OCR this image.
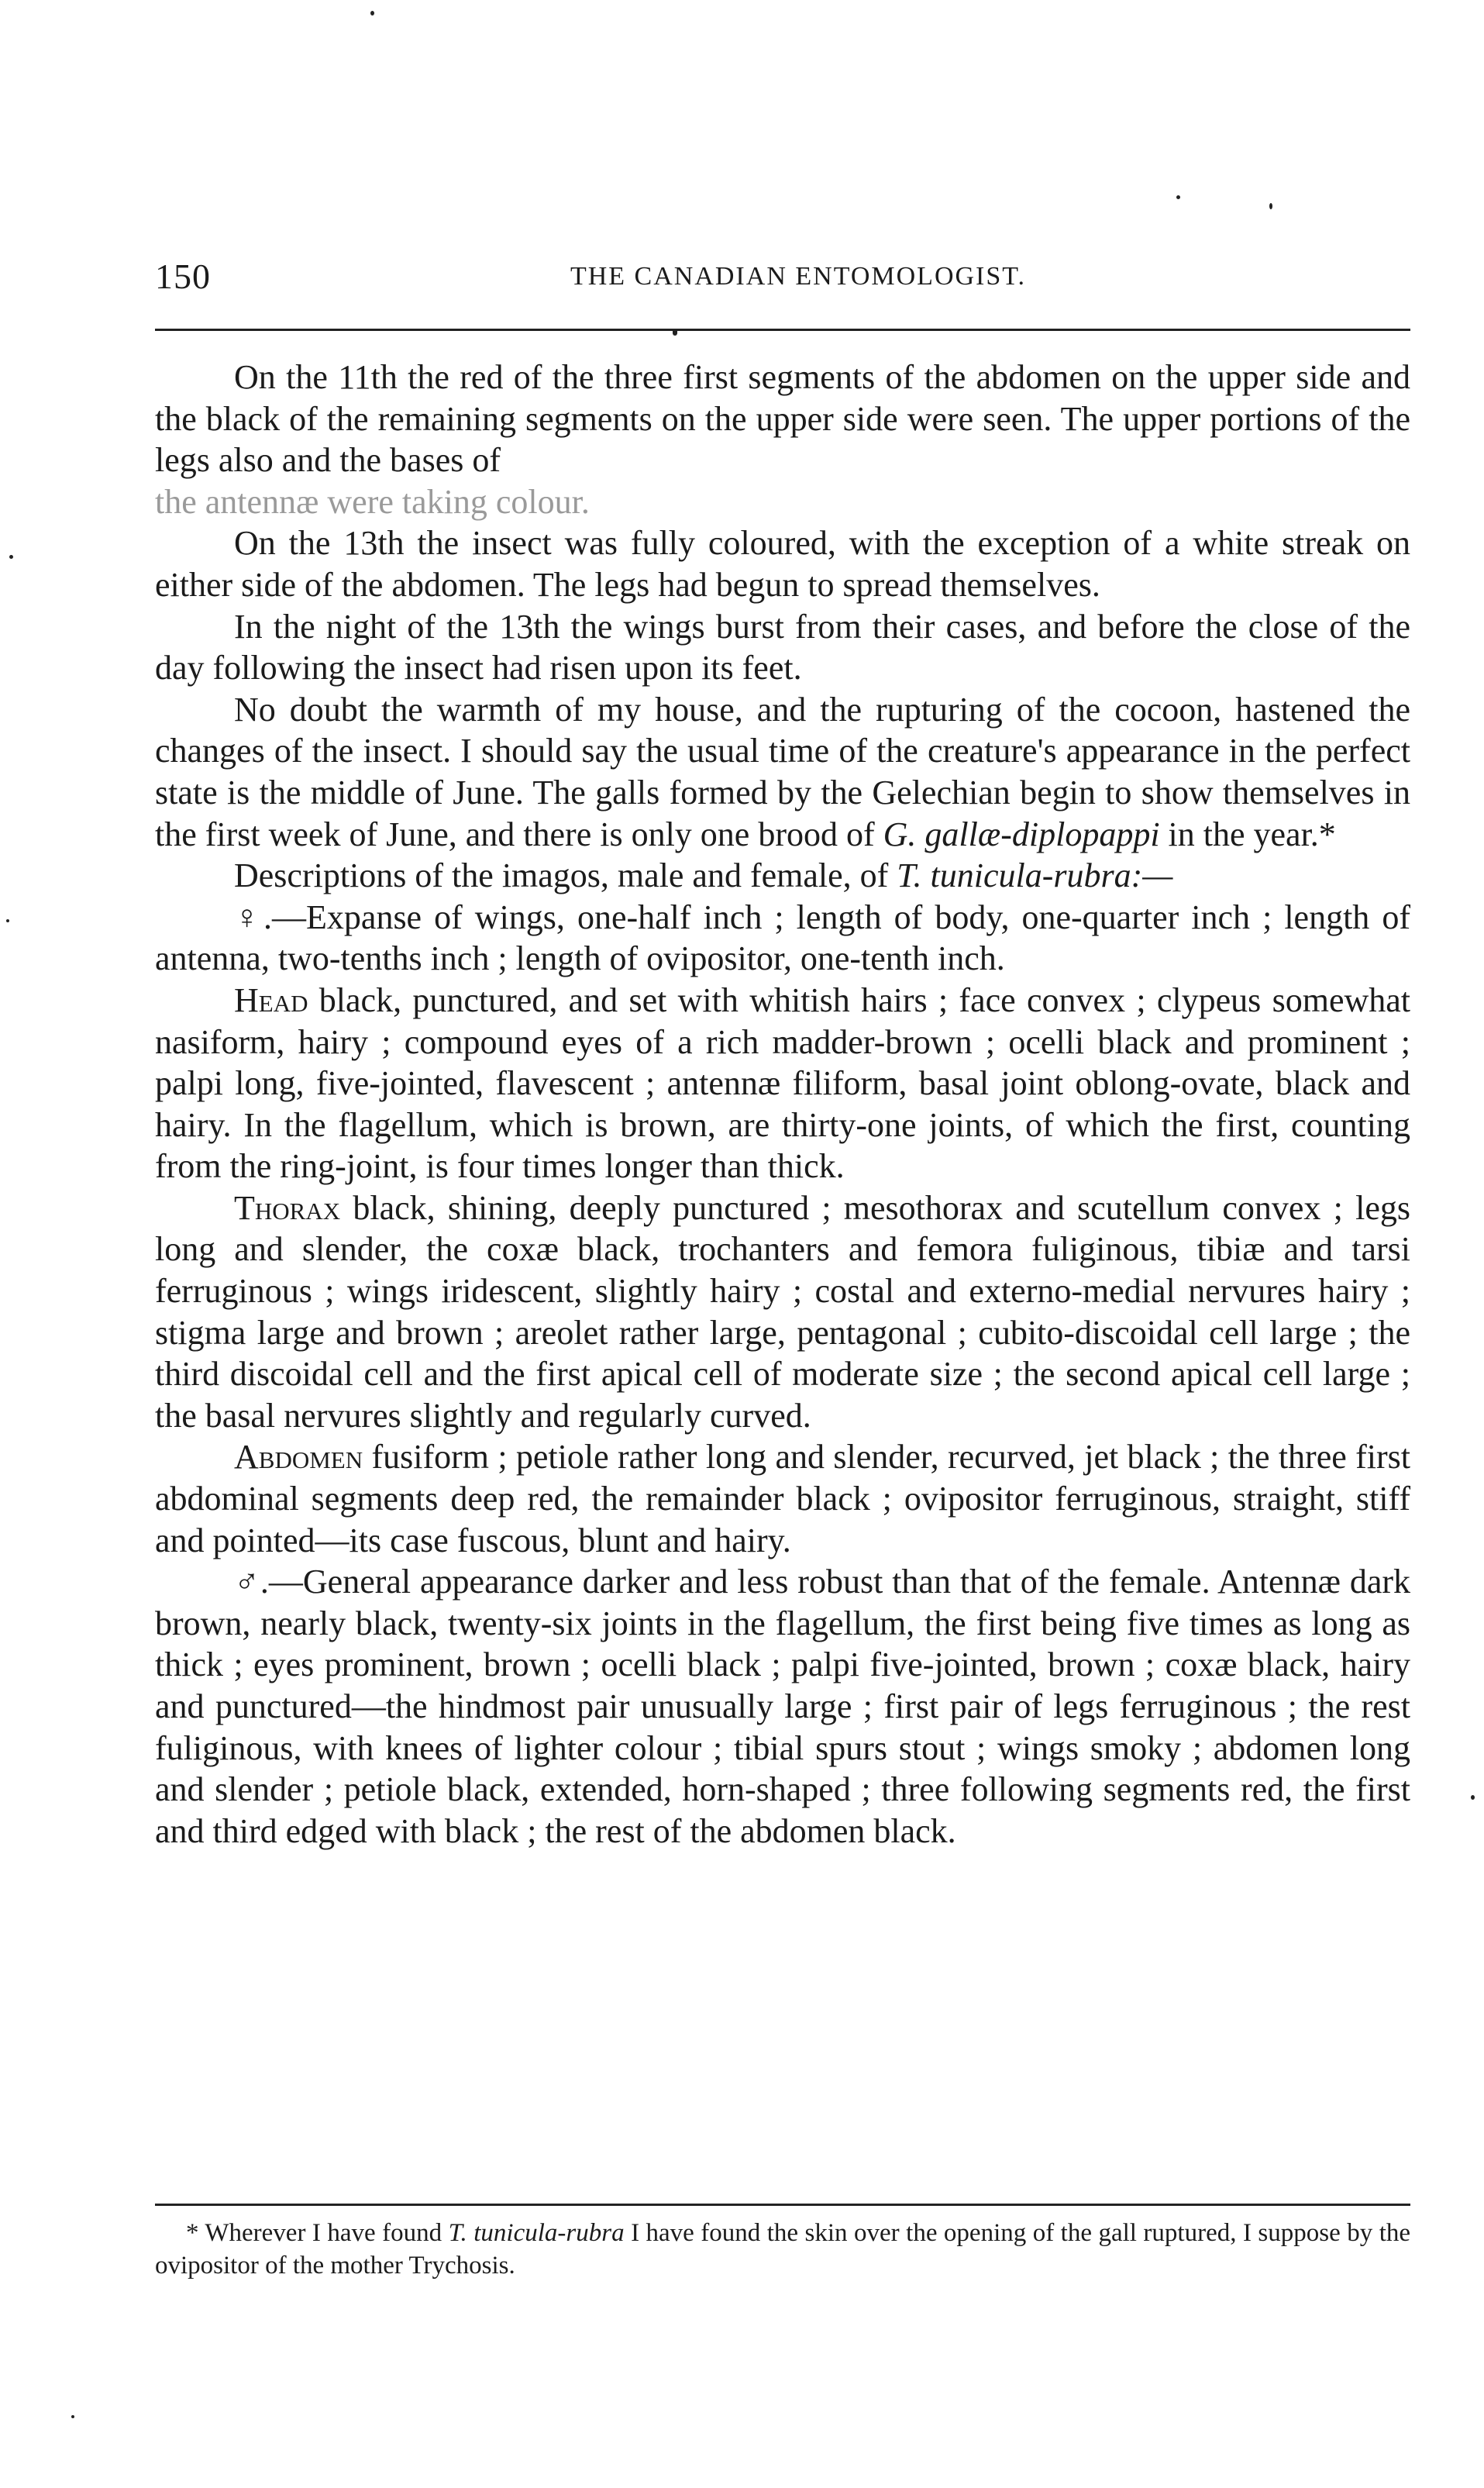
150	THE CANADIAN ENTOMOLOGIST.

On the 11th the red of the three first segments of the abdomen on the upper side and the black of the remaining segments on the upper side were seen. The upper portions of the legs also and the bases of

the antennæ were taking colour.

On the 13th the insect was fully coloured, with the exception of a white streak on either side of the abdomen. The legs had begun to spread themselves.

In the night of the 13th the wings burst from their cases, and before the close of the day following the insect had risen upon its feet.

No doubt the warmth of my house, and the rupturing of the cocoon, hastened the changes of the insect. I should say the usual time of the creature's appearance in the perfect state is the middle of June. The galls formed by the Gelechian begin to show themselves in the first week of June, and there is only one brood of G. gallæ-diplopappi in the year.*

Descriptions of the imagos, male and female, of T. tunicula-rubra:—

♀.—Expanse of wings, one-half inch ; length of body, one-quarter inch ; length of antenna, two-tenths inch ; length of ovipositor, one-tenth inch.

Head black, punctured, and set with whitish hairs ; face convex ; clypeus somewhat nasiform, hairy ; compound eyes of a rich madder-brown ; ocelli black and prominent ; palpi long, five-jointed, flavescent ; antennæ filiform, basal joint oblong-ovate, black and hairy. In the flagellum, which is brown, are thirty-one joints, of which the first, counting from the ring-joint, is four times longer than thick.

Thorax black, shining, deeply punctured ; mesothorax and scutellum convex ; legs long and slender, the coxæ black, trochanters and femora fuliginous, tibiæ and tarsi ferruginous ; wings iridescent, slightly hairy ; costal and externo-medial nervures hairy ; stigma large and brown ; areolet rather large, pentagonal ; cubito-discoidal cell large ; the third discoidal cell and the first apical cell of moderate size ; the second apical cell large ; the basal nervures slightly and regularly curved.

Abdomen fusiform ; petiole rather long and slender, recurved, jet black ; the three first abdominal segments deep red, the remainder black ; ovipositor ferruginous, straight, stiff and pointed—its case fuscous, blunt and hairy.

♂.—General appearance darker and less robust than that of the female. Antennæ dark brown, nearly black, twenty-six joints in the flagellum, the first being five times as long as thick ; eyes prominent, brown ; ocelli black ; palpi five-jointed, brown ; coxæ black, hairy and punctured—the hindmost pair unusually large ; first pair of legs ferruginous ; the rest fuliginous, with knees of lighter colour ; tibial spurs stout ; wings smoky ; abdomen long and slender ; petiole black, extended, horn-shaped ; three following segments red, the first and third edged with black ; the rest of the abdomen black.

* Wherever I have found T. tunicula-rubra I have found the skin over the opening of the gall ruptured, I suppose by the ovipositor of the mother Trychosis.
